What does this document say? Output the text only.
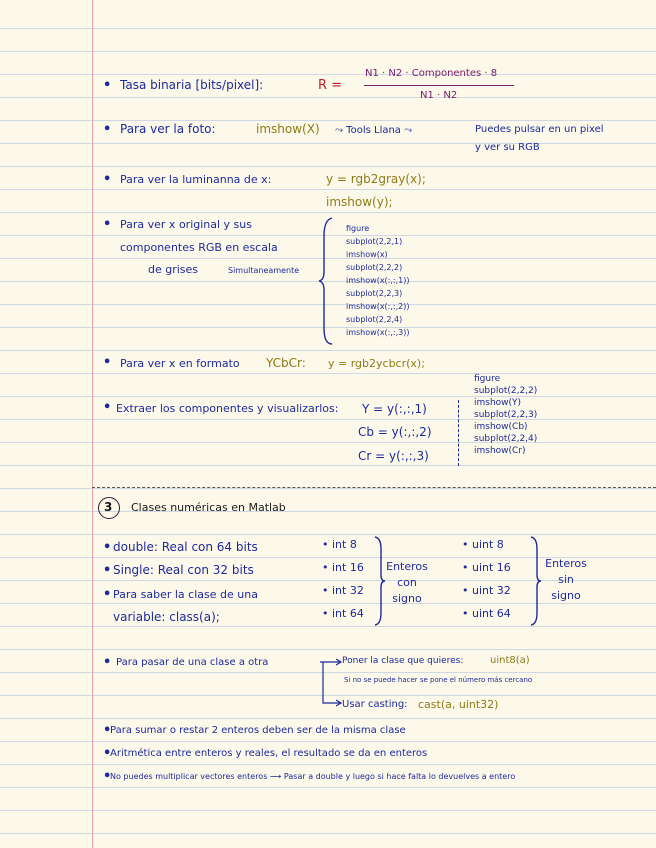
• Tasa binaria [bits/pixel]:	R =
N1 · N2 · Componentes · 8
N1 · N2
• Para ver la foto:	imshow(X) ⤳ Tools Llana ⤳	Puedes pulsar en un pixel
y ver su RGB
• Para ver la luminanna de x:	y = rgb2gray(x);
imshow(y);
• Para ver x original y sus
componentes RGB en escala
de grises	Simultaneamente
figure
subplot(2,2,1)
imshow(x)
subplot(2,2,2)
imshow(x(:,:,1))
subplot(2,2,3)
imshow(x(:,:,2))
subplot(2,2,4)
imshow(x(:,:,3))
• Para ver x en formato YCbCr: y = rgb2ycbcr(x);
• Extraer los componentes y visualizarlos: Y = y(:,:,1)
Cb = y(:,:,2)
Cr = y(:,:,3)
figure
subplot(2,2,2)
imshow(Y)
subplot(2,2,3)
imshow(Cb)
subplot(2,2,4)
imshow(Cr)
3 Clases numéricas en Matlab
• double: Real con 64 bits
• Single: Real con 32 bits
• Para saber la clase de una
variable: class(a);
• int 8
• int 16
• int 32
• int 64
Enteros con signo
• uint 8
• uint 16
• uint 32
• uint 64
Enteros sin signo
• Para pasar de una clase a otra	Poner la clase que quieres:	uint8(a)
Si no se puede hacer se pone el número más cercano
Usar casting: cast(a, uint32)
•
Para sumar o restar 2 enteros deben ser de la misma clase
•
Aritmética entre enteros y reales, el resultado se da en enteros
•
No puedes multiplicar vectores enteros ⟶ Pasar a double y luego si hace falta lo devuelves a entero
